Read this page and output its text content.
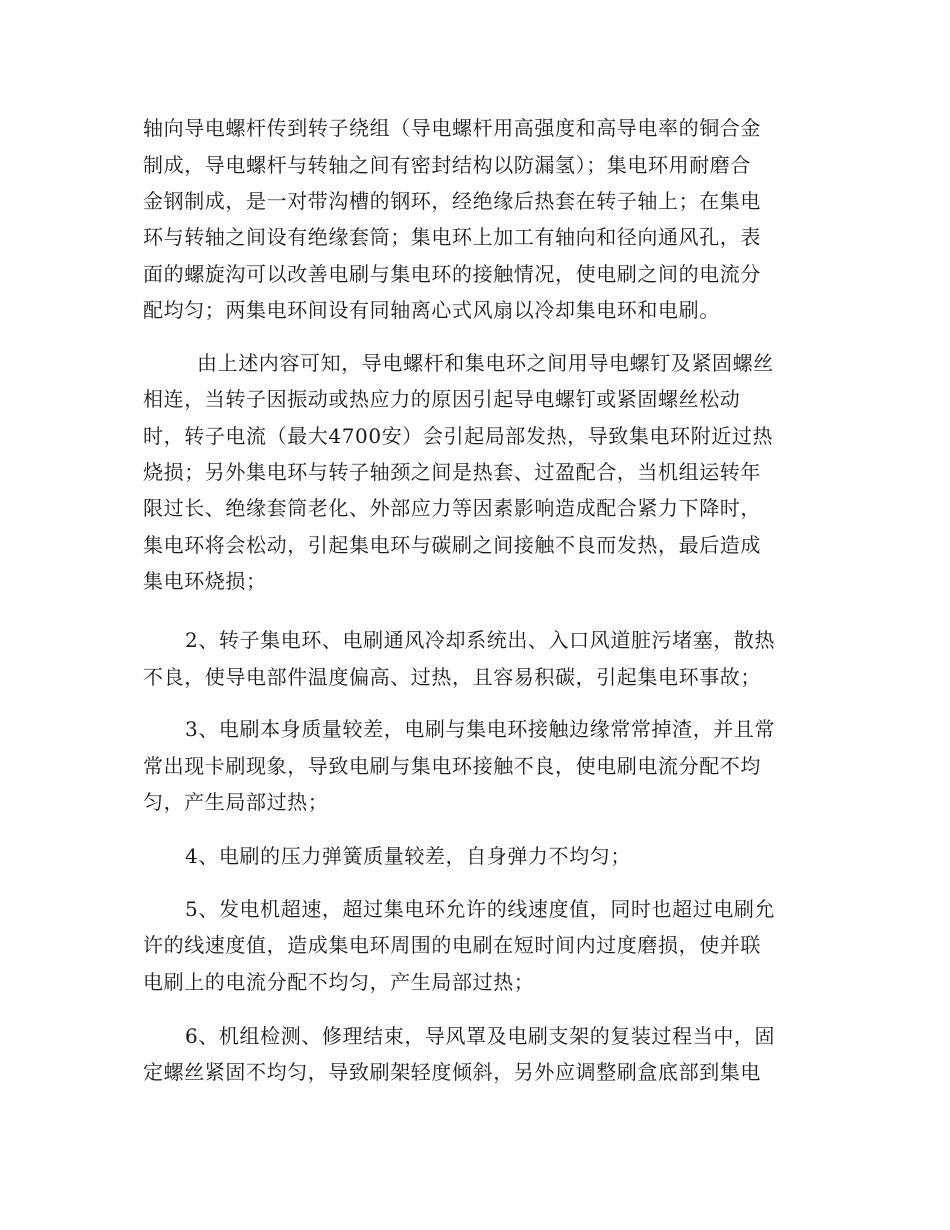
轴向导电螺杆传到转子绕组（导电螺杆用高强度和高导电率的铜合金
制成，导电螺杆与转轴之间有密封结构以防漏氢）；集电环用耐磨合
金钢制成，是一对带沟槽的钢环，经绝缘后热套在转子轴上；在集电
环与转轴之间设有绝缘套筒；集电环上加工有轴向和径向通风孔，表
面的螺旋沟可以改善电刷与集电环的接触情况，使电刷之间的电流分
配均匀；两集电环间设有同轴离心式风扇以冷却集电环和电刷。
由上述内容可知，导电螺杆和集电环之间用导电螺钉及紧固螺丝
相连，当转子因振动或热应力的原因引起导电螺钉或紧固螺丝松动
时，转子电流（最大4700安）会引起局部发热，导致集电环附近过热
烧损；另外集电环与转子轴颈之间是热套、过盈配合，当机组运转年
限过长、绝缘套筒老化、外部应力等因素影响造成配合紧力下降时，
集电环将会松动，引起集电环与碳刷之间接触不良而发热，最后造成
集电环烧损；
2、转子集电环、电刷通风冷却系统出、入口风道脏污堵塞，散热
不良，使导电部件温度偏高、过热，且容易积碳，引起集电环事故；
3、电刷本身质量较差，电刷与集电环接触边缘常常掉渣，并且常
常出现卡刷现象，导致电刷与集电环接触不良，使电刷电流分配不均
匀，产生局部过热；
4、电刷的压力弹簧质量较差，自身弹力不均匀；
5、发电机超速，超过集电环允许的线速度值，同时也超过电刷允
许的线速度值，造成集电环周围的电刷在短时间内过度磨损，使并联
电刷上的电流分配不均匀，产生局部过热；
6、机组检测、修理结束，导风罩及电刷支架的复装过程当中，固
定螺丝紧固不均匀，导致刷架轻度倾斜，另外应调整刷盒底部到集电
